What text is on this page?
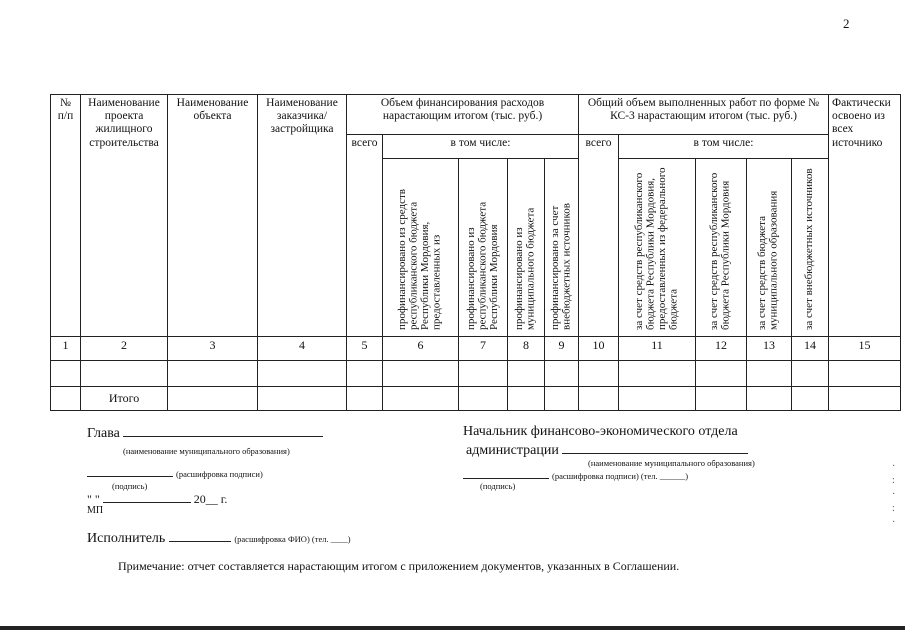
2
№ п/п	Наименование проекта жилищного строительства	Наименование объекта	Наименование заказчика/застройщика	Объем финансирования расходов нарастающим итогом (тыс. руб.)					Общий объем выполненных работ по форме № КС-3 нарастающим итогом (тыс. руб.)					Фактически освоено из всех источнико
				всего	в том числе:				всего	в том числе:				
					профинансировано из средств республиканского бюджета Республики Мордовия, предоставленных из	профинансировано из республиканского бюджета Республики Мордовия	профинансировано из муниципального бюджета	профинансировано за счет внебюджетных источников		за счет средств республиканского бюджета Республики Мордовия, предоставленных из федерального бюджета	за счет средств республиканского бюджета Республики Мордовия	за счет средств бюджета муниципального образования	за счет внебюджетных источников	
1	2	3	4	5	6	7	8	9	10	11	12	13	14	15

	Итого													
Глава
(наименование муниципального образования)
(расшифровка подписи)
(подпись)
" "	20__ г.
МП
Исполнитель	(расшифровка ФИО) (тел. ____)
Начальник финансово-экономического отдела
администрации
(наименование муниципального образования)
(расшифровка подписи) (тел. ______)
(подпись)
Примечание: отчет составляется нарастающим итогом с приложением документов, указанных в Соглашении.
·
:
·
:
·
